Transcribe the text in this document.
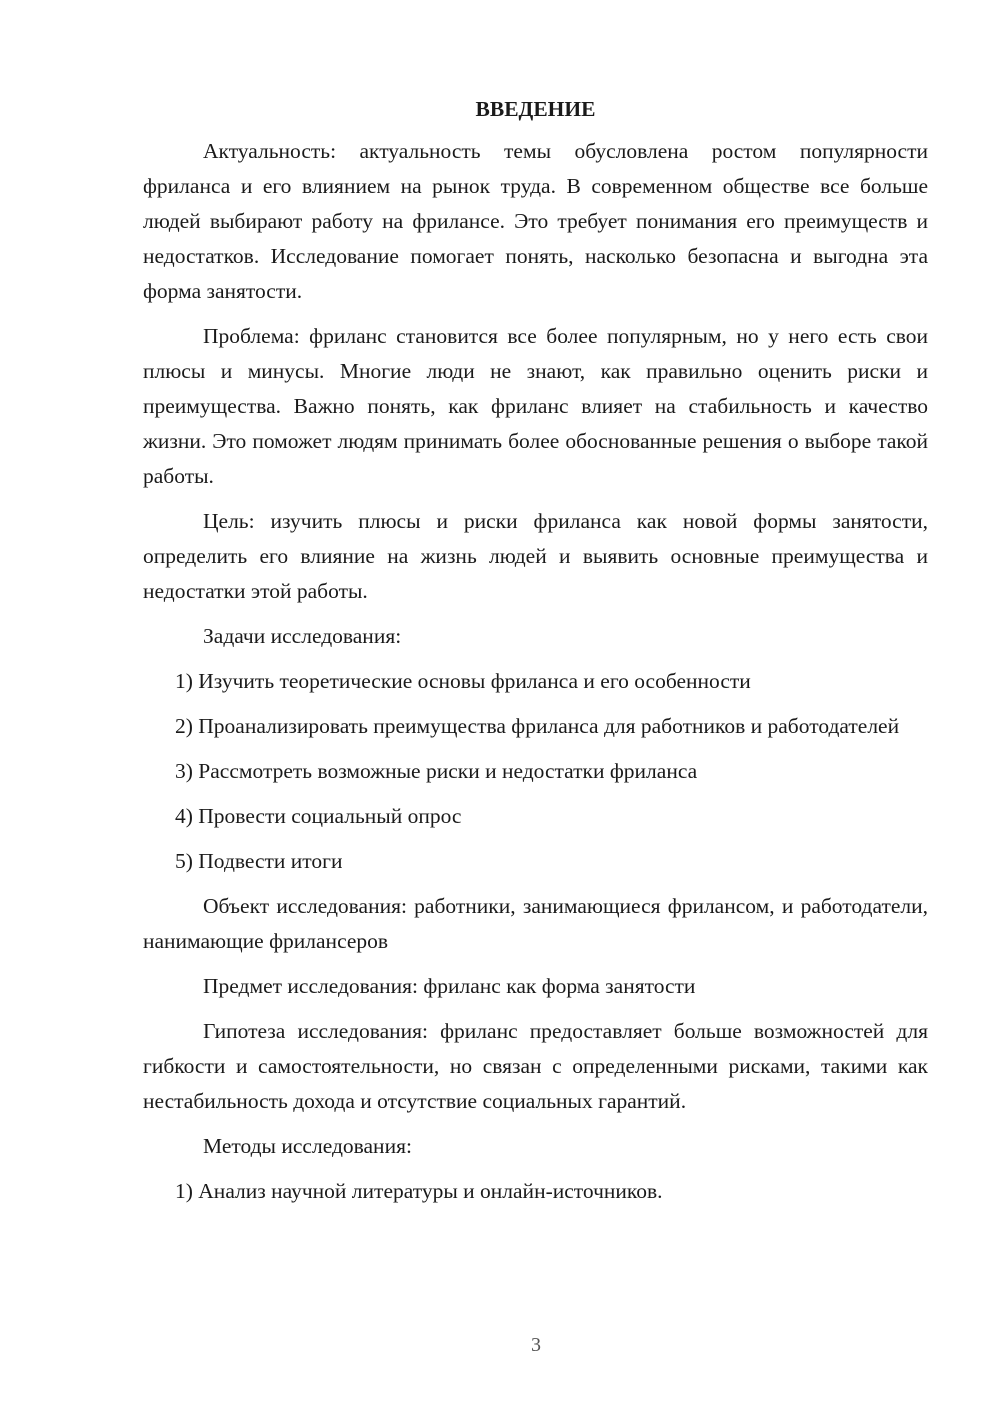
ВВЕДЕНИЕ

Актуальность: актуальность темы обусловлена ростом популярности фриланса и его влиянием на рынок труда. В современном обществе все больше людей выбирают работу на фрилансе. Это требует понимания его преимуществ и недостатков. Исследование помогает понять, насколько безопасна и выгодна эта форма занятости.

Проблема: фриланс становится все более популярным, но у него есть свои плюсы и минусы. Многие люди не знают, как правильно оценить риски и преимущества. Важно понять, как фриланс влияет на стабильность и качество жизни. Это поможет людям принимать более обоснованные решения о выборе такой работы.

Цель: изучить плюсы и риски фриланса как новой формы занятости, определить его влияние на жизнь людей и выявить основные преимущества и недостатки этой работы.

Задачи исследования:

1) Изучить теоретические основы фриланса и его особенности

2) Проанализировать преимущества фриланса для работников и работодателей

3) Рассмотреть возможные риски и недостатки фриланса

4) Провести социальный опрос

5) Подвести итоги

Объект исследования: работники, занимающиеся фрилансом, и работодатели, нанимающие фрилансеров

Предмет исследования: фриланс как форма занятости

Гипотеза исследования: фриланс предоставляет больше возможностей для гибкости и самостоятельности, но связан с определенными рисками, такими как нестабильность дохода и отсутствие социальных гарантий.

Методы исследования:

1) Анализ научной литературы и онлайн-источников.

3
